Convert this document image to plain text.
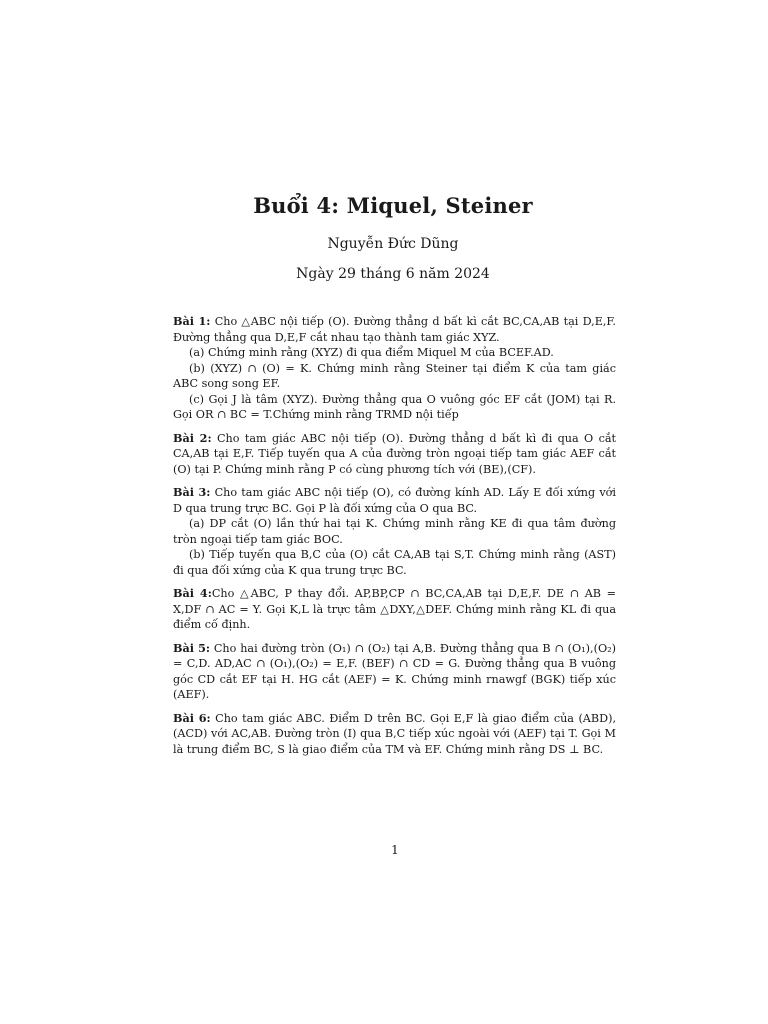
Buổi 4: Miquel, Steiner
Nguyễn Đức Dũng
Ngày 29 tháng 6 năm 2024

Bài 1: Cho △ABC nội tiếp (O). Đường thẳng d bất kì cắt BC,CA,AB tại D,E,F. Đường thẳng qua D,E,F cắt nhau tạo thành tam giác XYZ.

(a) Chứng minh rằng (XYZ) đi qua điểm Miquel M của BCEF.AD.

(b) (XYZ) ∩ (O) = K. Chứng minh rằng Steiner tại điểm K của tam giác ABC song song EF.

(c) Gọi J là tâm (XYZ). Đường thẳng qua O vuông góc EF cắt (JOM) tại R. Gọi OR ∩ BC = T.Chứng minh rằng TRMD nội tiếp

Bài 2: Cho tam giác ABC nội tiếp (O). Đường thẳng d bất kì đi qua O cắt CA,AB tại E,F. Tiếp tuyến qua A của đường tròn ngoại tiếp tam giác AEF cắt (O) tại P. Chứng minh rằng P có cùng phương tích với (BE),(CF).

Bài 3: Cho tam giác ABC nội tiếp (O), có đường kính AD. Lấy E đối xứng với D qua trung trực BC. Gọi P là đối xứng của O qua BC.

(a) DP cắt (O) lần thứ hai tại K. Chứng minh rằng KE đi qua tâm đường tròn ngoại tiếp tam giác BOC.

(b) Tiếp tuyến qua B,C của (O) cắt CA,AB tại S,T. Chứng minh rằng (AST) đi qua đối xứng của K qua trung trực BC.

Bài 4:Cho △ABC, P thay đổi. AP,BP,CP ∩ BC,CA,AB tại D,E,F. DE ∩ AB = X,DF ∩ AC = Y. Gọi K,L là trực tâm △DXY,△DEF. Chứng minh rằng KL đi qua điểm cố định.

Bài 5: Cho hai đường tròn (O₁) ∩ (O₂) tại A,B. Đường thẳng qua B ∩ (O₁),(O₂) = C,D. AD,AC ∩ (O₁),(O₂) = E,F. (BEF) ∩ CD = G. Đường thẳng qua B vuông góc CD cắt EF tại H. HG cắt (AEF) = K. Chứng minh rnawgf (BGK) tiếp xúc (AEF).

Bài 6: Cho tam giác ABC. Điểm D trên BC. Gọi E,F là giao điểm của (ABD),(ACD) với AC,AB. Đường tròn (I) qua B,C tiếp xúc ngoài với (AEF) tại T. Gọi M là trung điểm BC, S là giao điểm của TM và EF. Chứng minh rằng DS ⊥ BC.

1
